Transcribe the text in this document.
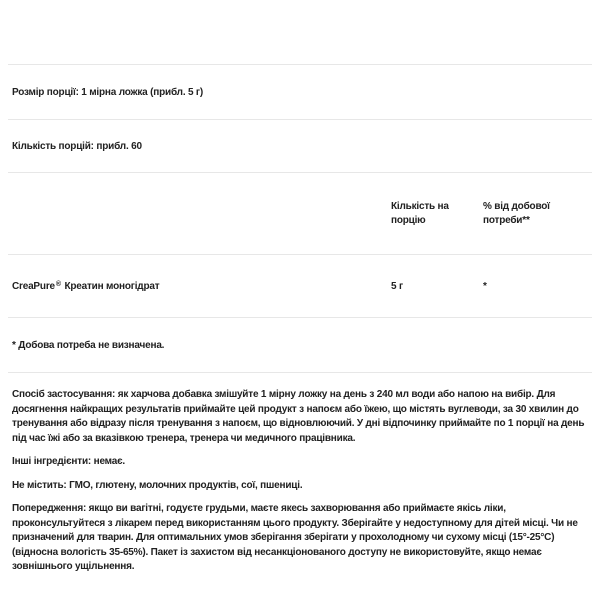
Розмір порції: 1 мірна ложка (прибл. 5 г)
Кількість порцій: прибл. 60
Кількість на порцію
% від добової потреби**
CreaPure® Креатин моногідрат	5 г	*
* Добова потреба не визначена.

Спосіб застосування: як харчова добавка змішуйте 1 мірну ложку на день з 240 мл води або напою на вибір. Для досягнення найкращих результатів приймайте цей продукт з напоєм або їжею, що містять вуглеводи, за 30 хвилин до тренування або відразу після тренування з напоєм, що відновлюючий. У дні відпочинку приймайте по 1 порції на день під час їжі або за вказівкою тренера, тренера чи медичного працівника.

Інші інгредієнти: немає.

Не містить: ГМО, глютену, молочних продуктів, сої, пшениці.

Попередження: якщо ви вагітні, годуєте грудьми, маєте якесь захворювання або приймаєте якісь ліки, проконсультуйтеся з лікарем перед використанням цього продукту. Зберігайте у недоступному для дітей місці. Чи не призначений для тварин. Для оптимальних умов зберігання зберігати у прохолодному чи сухому місці (15°-25°C) (відносна вологість 35-65%). Пакет із захистом від несанкціонованого доступу не використовуйте, якщо немає зовнішнього ущільнення.
